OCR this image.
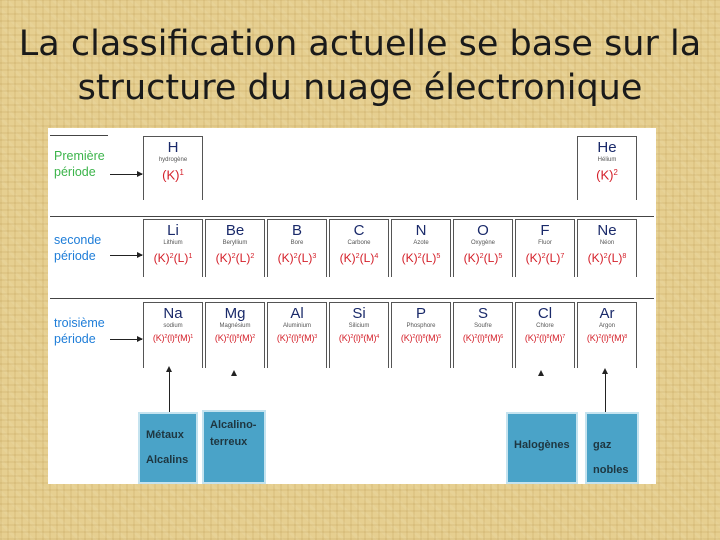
La classification actuelle se base sur la
structure du nuage électronique
Première
période
seconde
période
troisième
période
H
hydrogène
$(K)^1$
He
Hélium
$(K)^2$
Li
Lithium
$(K)^2(L)^1$
Be
Beryllium
$(K)^2(L)^2$
B
Bore
$(K)^2(L)^3$
C
Carbone
$(K)^2(L)^4$
N
Azote
$(K)^2(L)^5$
O
Oxygène
$(K)^2(L)^5$
F
Fluor
$(K)^2(L)^7$
Ne
Néon
$(K)^2(L)^8$
Na
sodium
$(K)^2(l)^8(M)^1$
Mg
Magnésium
$(K)^2(l)^8(M)^2$
Al
Aluminium
$(K)^2(l)^8(M)^3$
Si
Silicium
$(K)^2(l)^8(M)^4$
P
Phosphore
$(K)^2(l)^8(M)^5$
S
Soufre
$(K)^2(l)^8(M)^6$
Cl
Chlore
$(K)^2(l)^8(M)^7$
Ar
Argon
$(K)^2(l)^8(M)^8$
Métaux
Alcalins
Alcalino-
terreux	Halogènes gaz
nobles
